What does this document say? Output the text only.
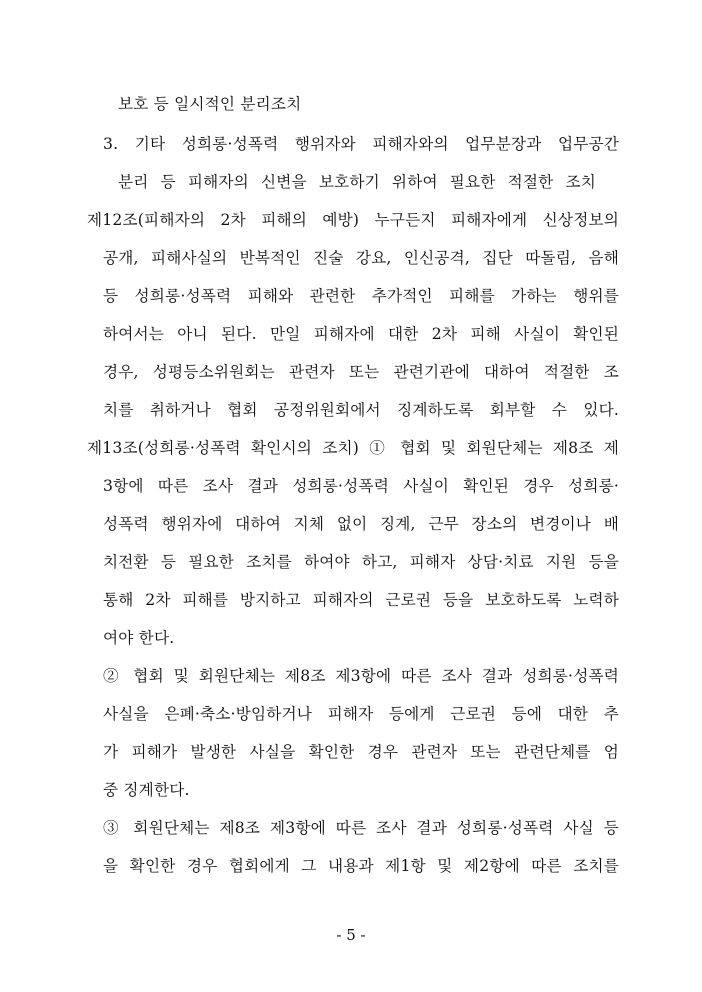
보호 등 일시적인 분리조치
3. 기타 성희롱·성폭력 행위자와 피해자와의 업무분장과 업무공간
분리 등 피해자의 신변을 보호하기 위하여 필요한 적절한 조치
제12조(피해자의 2차 피해의 예방) 누구든지 피해자에게 신상정보의
공개, 피해사실의 반복적인 진술 강요, 인신공격, 집단 따돌림, 음해
등 성희롱·성폭력 피해와 관련한 추가적인 피해를 가하는 행위를
하여서는 아니 된다. 만일 피해자에 대한 2차 피해 사실이 확인된
경우, 성평등소위원회는 관련자 또는 관련기관에 대하여 적절한 조
치를 취하거나 협회 공정위원회에서 징계하도록 회부할 수 있다.
제13조(성희롱·성폭력 확인시의 조치) ① 협회 및 회원단체는 제8조 제
3항에 따른 조사 결과 성희롱·성폭력 사실이 확인된 경우 성희롱·
성폭력 행위자에 대하여 지체 없이 징계, 근무 장소의 변경이나 배
치전환 등 필요한 조치를 하여야 하고, 피해자 상담·치료 지원 등을
통해 2차 피해를 방지하고 피해자의 근로권 등을 보호하도록 노력하
여야 한다.
② 협회 및 회원단체는 제8조 제3항에 따른 조사 결과 성희롱·성폭력
사실을 은폐·축소·방임하거나 피해자 등에게 근로권 등에 대한 추
가 피해가 발생한 사실을 확인한 경우 관련자 또는 관련단체를 엄
중 징계한다.
③ 회원단체는 제8조 제3항에 따른 조사 결과 성희롱·성폭력 사실 등
을 확인한 경우 협회에게 그 내용과 제1항 및 제2항에 따른 조치를
- 5 -
